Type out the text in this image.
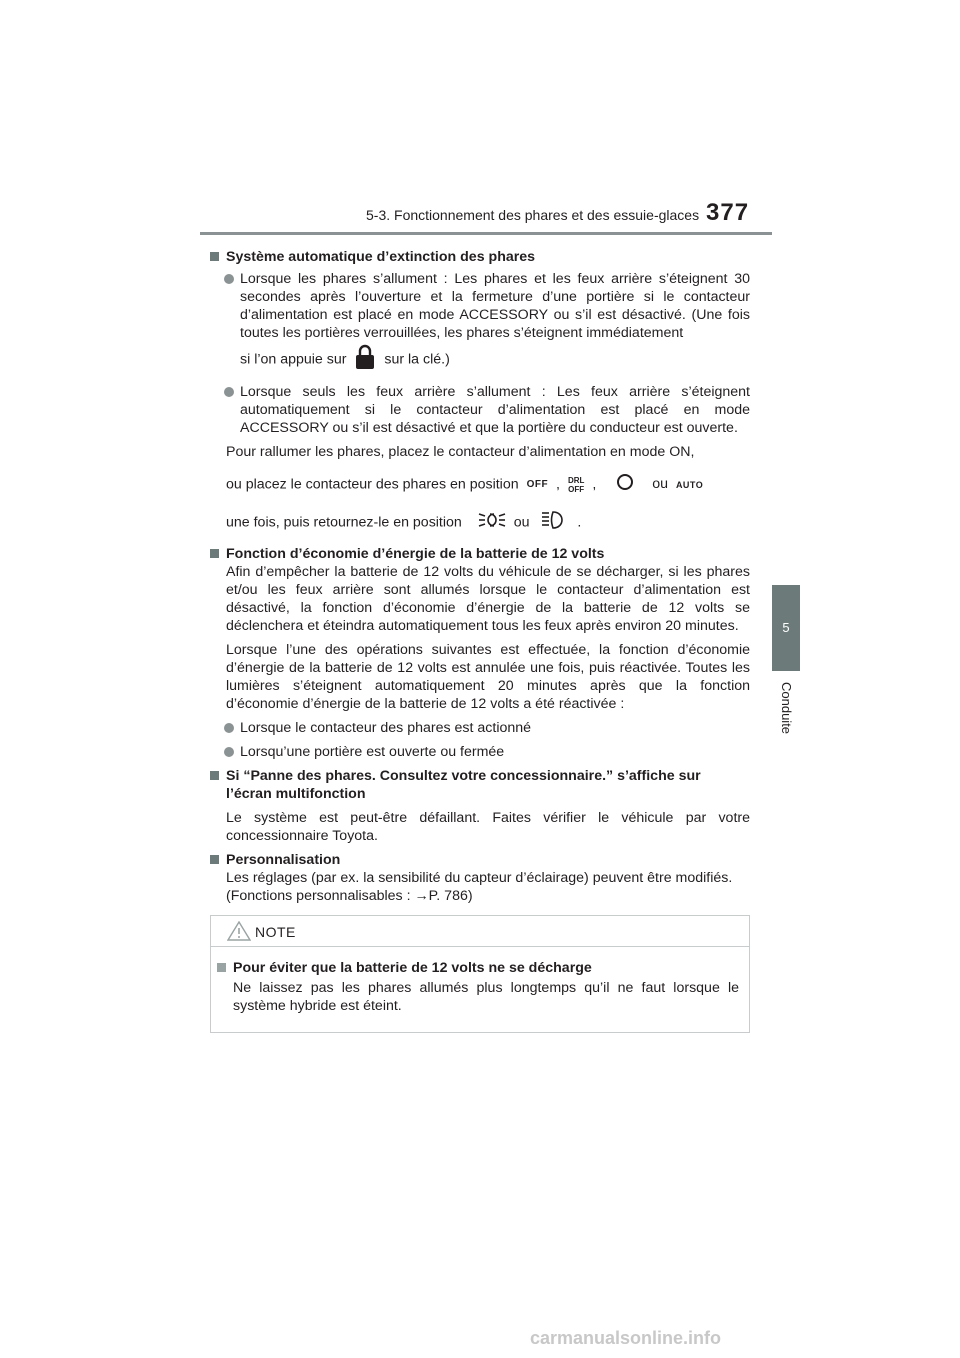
5-3. Fonctionnement des phares et des essuie-glaces 377
5
Conduite
Système automatique d’extinction des phares
Lorsque les phares s’allument : Les phares et les feux arrière s’éteignent 30 secondes après l’ouverture et la fermeture d’une portière si le contacteur d’alimentation est placé en mode ACCESSORY ou s’il est désactivé. (Une fois toutes les portières verrouillées, les phares s’éteignent immédiatement
si l’on appuie sur	sur la clé.)
Lorsque seuls les feux arrière s’allument : Les feux arrière s’éteignent automatiquement si le contacteur d’alimentation est placé en mode ACCESSORY ou s’il est désactivé et que la portière du conducteur est ouverte.
Pour rallumer les phares, placez le contacteur d’alimentation en mode ON,
ou placez le contacteur des phares en position OFF , DRL
OFF ,	ou AUTO
une fois, puis retournez-le en position	ou	.
Fonction d’économie d’énergie de la batterie de 12 volts
Afin d’empêcher la batterie de 12 volts du véhicule de se décharger, si les phares et/ou les feux arrière sont allumés lorsque le contacteur d’alimentation est désactivé, la fonction d’économie d’énergie de la batterie de 12 volts se déclenchera et éteindra automatiquement tous les feux après environ 20 minutes.
Lorsque l’une des opérations suivantes est effectuée, la fonction d’économie d’énergie de la batterie de 12 volts est annulée une fois, puis réactivée. Toutes les lumières s’éteignent automatiquement 20 minutes après que la fonction d’économie d’énergie de la batterie de 12 volts a été réactivée :
Lorsque le contacteur des phares est actionné
Lorsqu’une portière est ouverte ou fermée
Si “Panne des phares. Consultez votre concessionnaire.” s’affiche sur l’écran multifonction
Le système est peut-être défaillant. Faites vérifier le véhicule par votre concessionnaire Toyota.
Personnalisation
Les réglages (par ex. la sensibilité du capteur d’éclairage) peuvent être modifiés.
(Fonctions personnalisables : →P. 786)
NOTE
Pour éviter que la batterie de 12 volts ne se décharge
Ne laissez pas les phares allumés plus longtemps qu’il ne faut lorsque le système hybride est éteint.
carmanualsonline.info
